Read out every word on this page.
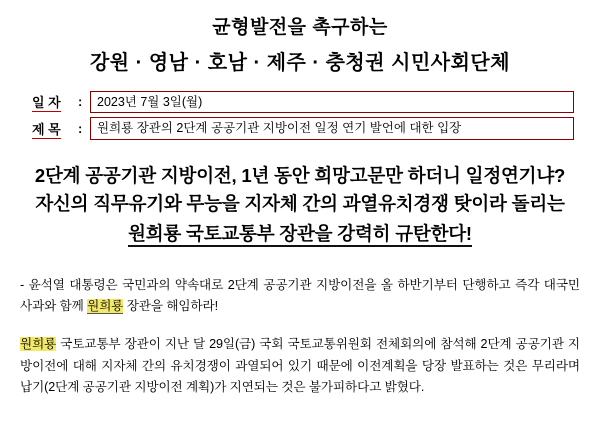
균형발전을 촉구하는
강원 · 영남 · 호남 · 제주 · 충청권 시민사회단체
일 자	:	2023년 7월 3일(월)
제 목	:	원희룡 장관의 2단계 공공기관 지방이전 일정 연기 발언에 대한 입장
2단계 공공기관 지방이전, 1년 동안 희망고문만 하더니 일정연기냐?
자신의 직무유기와 무능을 지자체 간의 과열유치경쟁 탓이라 돌리는
원희룡 국토교통부 장관을 강력히 규탄한다!

- 윤석열 대통령은 국민과의 약속대로 2단계 공공기관 지방이전을 올 하반기부터 단행하고 즉각 대국민 사과와 함께 원희룡 장관을 해임하라!

원희룡 국토교통부 장관이 지난 달 29일(금) 국회 국토교통위원회 전체회의에 참석해 2단계 공공기관 지방이전에 대해 지자체 간의 유치경쟁이 과열되어 있기 때문에 이전계획을 당장 발표하는 것은 무리라며 납기(2단계 공공기관 지방이전 계획)가 지연되는 것은 불가피하다고 밝혔다.
